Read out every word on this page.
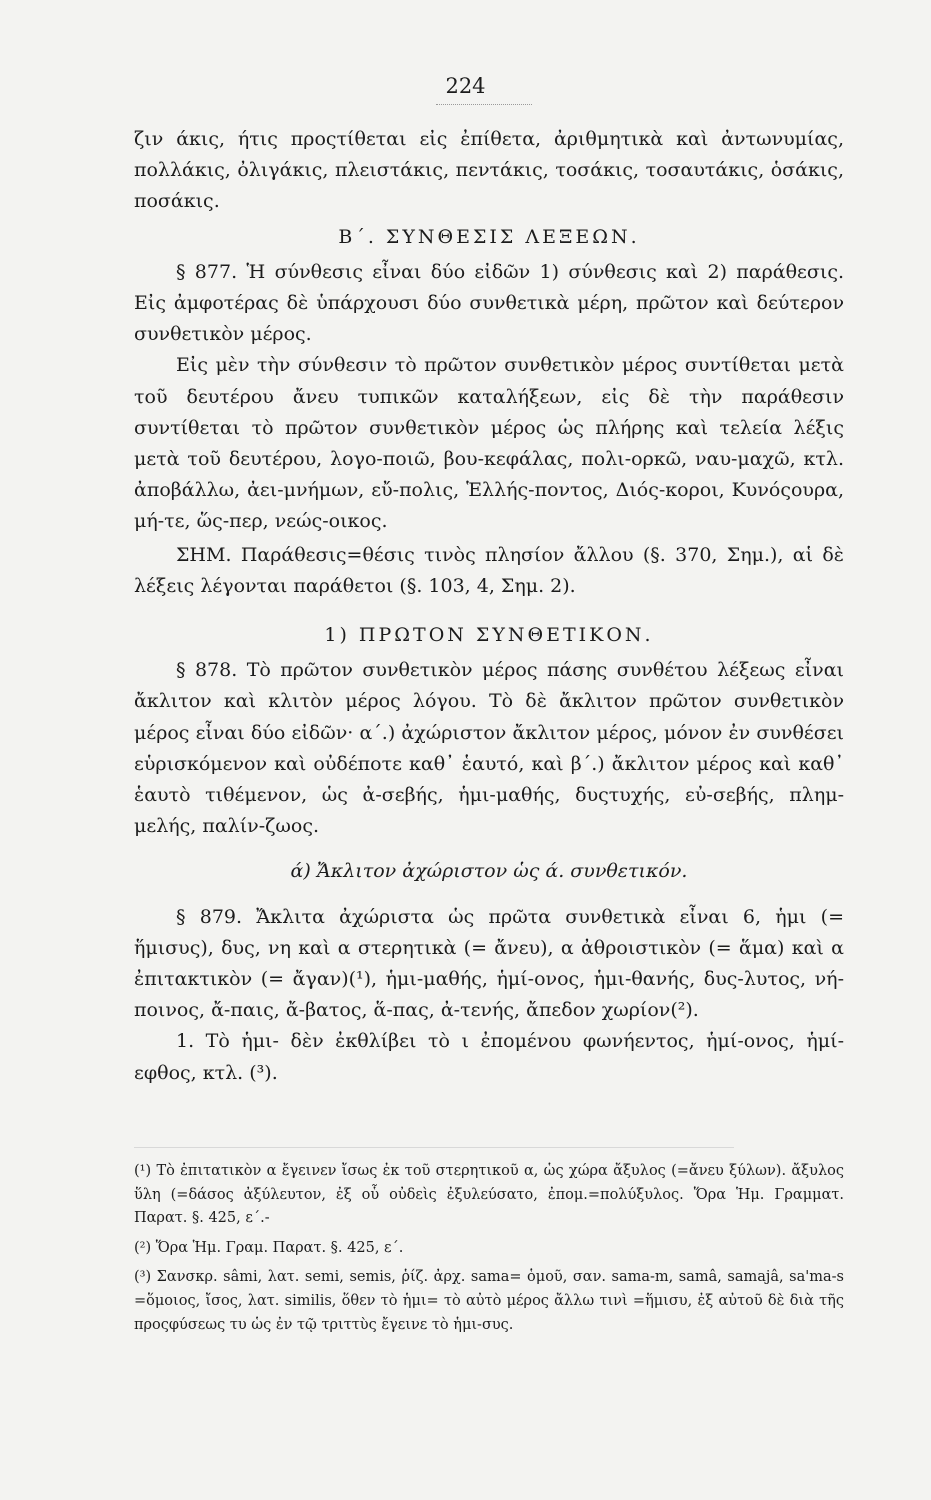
224

ζιν άκις, ήτις προςτίθεται εἰς ἐπίθετα, ἀριθμητικὰ καὶ ἀντωνυμίας, πολλάκις, ὀλιγάκις, πλειστάκις, πεντάκις, τοσάκις, τοσαυτάκις, ὁσάκις, ποσάκις.

Β΄. ΣΥΝΘΕΣΙΣ ΛΕΞΕΩΝ.

§ 877. Ἡ σύνθεσις εἶναι δύο εἰδῶν 1) σύνθεσις καὶ 2) παράθεσις. Εἰς ἀμφοτέρας δὲ ὑπάρχουσι δύο συνθετικὰ μέρη, πρῶτον καὶ δεύτερον συνθετικὸν μέρος.

Εἰς μὲν τὴν σύνθεσιν τὸ πρῶτον συνθετικὸν μέρος συντίθεται μετὰ τοῦ δευτέρου ἄνευ τυπικῶν καταλήξεων, εἰς δὲ τὴν παράθεσιν συντίθεται τὸ πρῶτον συνθετικὸν μέρος ὡς πλήρης καὶ τελεία λέξις μετὰ τοῦ δευτέρου, λογο-ποιῶ, βου-κεφάλας, πολι-ορκῶ, ναυ-μαχῶ, κτλ. ἀποβάλλω, ἀει-μνήμων, εὔ-πολις, Ἑλλής-ποντος, Διός-κοροι, Κυνόςουρα, μή-τε, ὥς-περ, νεώς-οικος.

ΣΗΜ. Παράθεσις=θέσις τινὸς πλησίον ἄλλου (§. 370, Σημ.), αἱ δὲ λέξεις λέγονται παράθετοι (§. 103, 4, Σημ. 2).

1) ΠΡΩΤΟΝ ΣΥΝΘΕΤΙΚΟΝ.

§ 878. Τὸ πρῶτον συνθετικὸν μέρος πάσης συνθέτου λέξεως εἶναι ἄκλιτον καὶ κλιτὸν μέρος λόγου. Τὸ δὲ ἄκλιτον πρῶτον συνθετικὸν μέρος εἶναι δύο εἰδῶν· α΄.) ἀχώριστον ἄκλιτον μέρος, μόνον ἐν συνθέσει εὑρισκόμενον καὶ οὐδέποτε καθ᾽ ἑαυτό, καὶ β΄.) ἄκλιτον μέρος καὶ καθ᾽ ἑαυτὸ τιθέμενον, ὡς ἀ-σεβής, ἡμι-μαθής, δυςτυχής, εὐ-σεβής, πλημ-μελής, παλίν-ζωος.

ά) Ἄκλιτον ἀχώριστον ὡς ά. συνθετικόν.

§ 879. Ἄκλιτα ἀχώριστα ὡς πρῶτα συνθετικὰ εἶναι 6, ἡμι (= ἥμισυς), δυς, νη καὶ α στερητικὰ (= ἄνευ), α ἀθροιστικὸν (= ἅμα) καὶ α ἐπιτακτικὸν (= ἄγαν)(¹), ἡμι-μαθής, ἡμί-ονος, ἡμι-θανής, δυς-λυτος, νή-ποινος, ἄ-παις, ἄ-βατος, ἅ-πας, ἀ-τενής, ἄπεδον χωρίον(²).

1. Τὸ ἡμι- δὲν ἐκθλίβει τὸ ι ἐπομένου φωνήεντος, ἡμί-ονος, ἡμί-εφθος, κτλ. (³).

(¹) Τὸ ἐπιτατικὸν α ἔγεινεν ἴσως ἐκ τοῦ στερητικοῦ α, ὡς χώρα ἄξυλος (=ἄνευ ξύλων). ἄξυλος ὕλη (=δάσος ἀξύλευτον, ἐξ οὗ οὐδεὶς ἐξυλεύσατο, ἐπομ.=πολύξυλος. Ὅρα Ἡμ. Γραμματ. Παρατ. §. 425, ε΄.-

(²) Ὅρα Ἡμ. Γραμ. Παρατ. §. 425, ε΄.

(³) Σανσκρ. sâmi, λατ. semi, semis, ῥίζ. ἀρχ. sama= ὁμοῦ, σαν. sama-m, samâ, samajâ, sa'ma-s =ὅμοιος, ἴσος, λατ. similis, ὅθεν τὸ ἡμι= τὸ αὐτὸ μέρος ἄλλω τινὶ =ἥμισυ, ἐξ αὐτοῦ δὲ διὰ τῆς προςφύσεως τυ ὡς ἐν τῷ τριττὺς ἔγεινε τὸ ἡμι-συς.
